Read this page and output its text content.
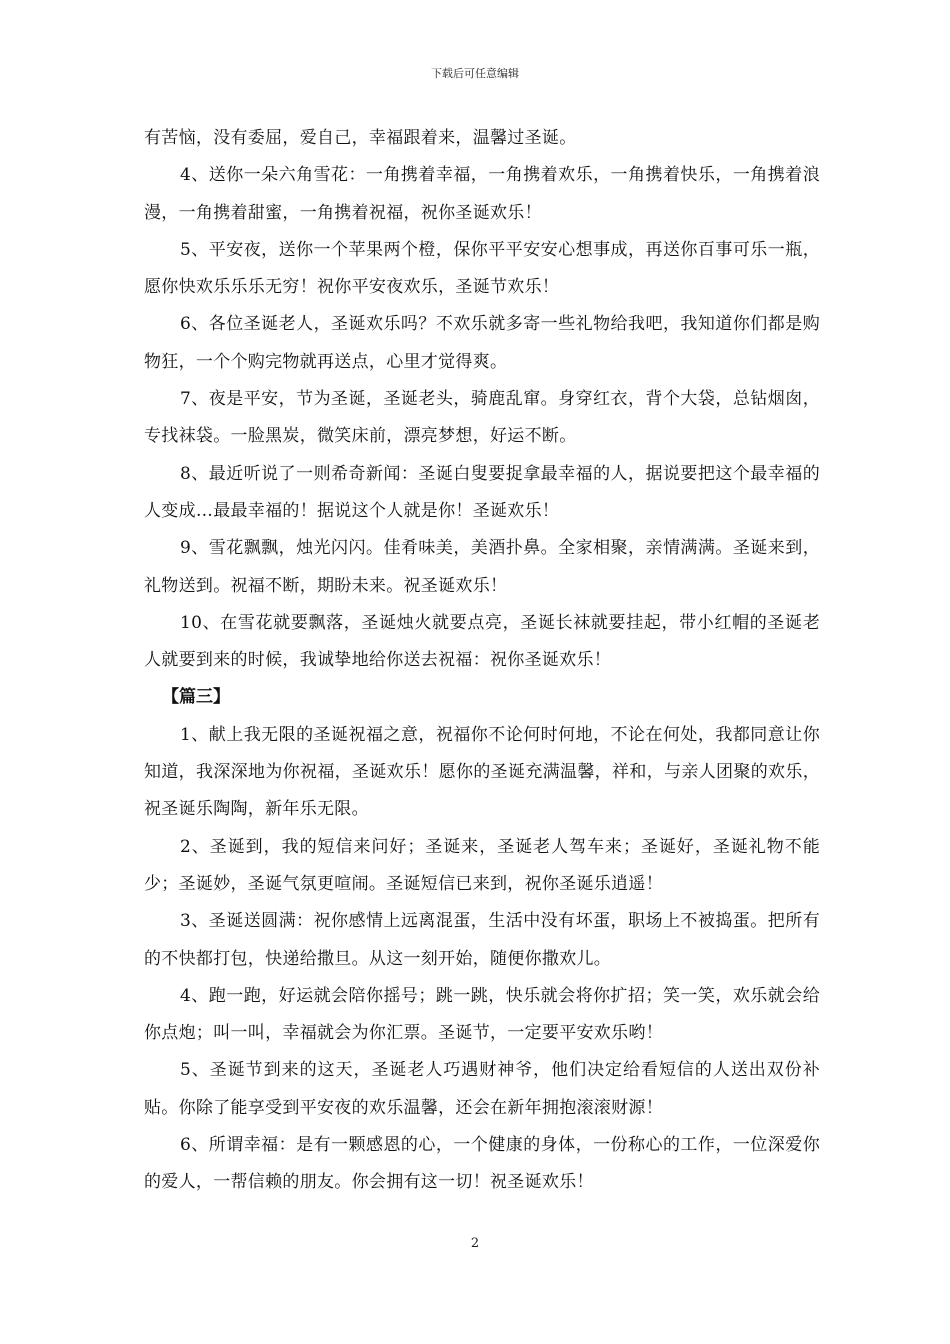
下载后可任意编辑

有苦恼，没有委屈，爱自己，幸福跟着来，温馨过圣诞。

4、送你一朵六角雪花：一角携着幸福，一角携着欢乐，一角携着快乐，一角携着浪漫，一角携着甜蜜，一角携着祝福，祝你圣诞欢乐！

5、平安夜，送你一个苹果两个橙，保你平平安安心想事成，再送你百事可乐一瓶，愿你快欢乐乐乐无穷！祝你平安夜欢乐，圣诞节欢乐！

6、各位圣诞老人，圣诞欢乐吗？不欢乐就多寄一些礼物给我吧，我知道你们都是购物狂，一个个购完物就再送点，心里才觉得爽。

7、夜是平安，节为圣诞，圣诞老头，骑鹿乱窜。身穿红衣，背个大袋，总钻烟囱，专找袜袋。一脸黑炭，微笑床前，漂亮梦想，好运不断。

8、最近听说了一则希奇新闻：圣诞白叟要捉拿最幸福的人，据说要把这个最幸福的人变成…最最幸福的！据说这个人就是你！圣诞欢乐！

9、雪花飘飘，烛光闪闪。佳肴味美，美酒扑鼻。全家相聚，亲情满满。圣诞来到，礼物送到。祝福不断，期盼未来。祝圣诞欢乐！

10、在雪花就要飘落，圣诞烛火就要点亮，圣诞长袜就要挂起，带小红帽的圣诞老人就要到来的时候，我诚挚地给你送去祝福：祝你圣诞欢乐！

【篇三】

1、献上我无限的圣诞祝福之意，祝福你不论何时何地，不论在何处，我都同意让你知道，我深深地为你祝福，圣诞欢乐！愿你的圣诞充满温馨，祥和，与亲人团聚的欢乐，祝圣诞乐陶陶，新年乐无限。

2、圣诞到，我的短信来问好；圣诞来，圣诞老人驾车来；圣诞好，圣诞礼物不能少；圣诞妙，圣诞气氛更喧闹。圣诞短信已来到，祝你圣诞乐逍遥！

3、圣诞送圆满：祝你感情上远离混蛋，生活中没有坏蛋，职场上不被捣蛋。把所有的不快都打包，快递给撒旦。从这一刻开始，随便你撒欢儿。

4、跑一跑，好运就会陪你摇号；跳一跳，快乐就会将你扩招；笑一笑，欢乐就会给你点炮；叫一叫，幸福就会为你汇票。圣诞节，一定要平安欢乐哟！

5、圣诞节到来的这天，圣诞老人巧遇财神爷，他们决定给看短信的人送出双份补贴。你除了能享受到平安夜的欢乐温馨，还会在新年拥抱滚滚财源！

6、所谓幸福：是有一颗感恩的心，一个健康的身体，一份称心的工作，一位深爱你的爱人，一帮信赖的朋友。你会拥有这一切！祝圣诞欢乐！

2
